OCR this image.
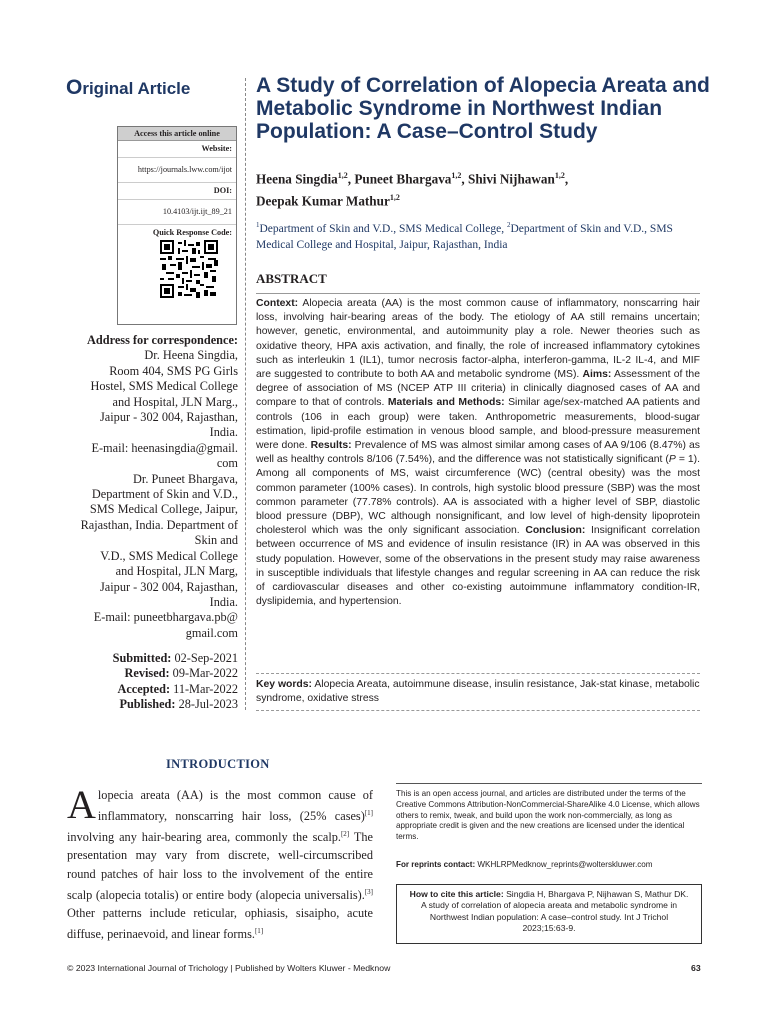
Original Article	A Study of Correlation of Alopecia Areata and Metabolic Syndrome in Northwest Indian Population: A Case–Control Study
Heena Singdia$^{1,2}$, Puneet Bhargava$^{1,2}$, Shivi Nijhawan$^{1,2}$,
Deepak Kumar Mathur$^{1,2}$
$^1$Department of Skin and V.D., SMS Medical College, $^2$Department of Skin and V.D., SMS Medical College and Hospital, Jaipur, Rajasthan, India
Access this article online
Website:
https://journals.lww.com/ijot
DOI:
10.4103/ijt.ijt_89_21
Quick Response Code:
Address for correspondence:
Dr. Heena Singdia,
Room 404, SMS PG Girls
Hostel, SMS Medical College
and Hospital, JLN Marg.,
Jaipur - 302 004, Rajasthan,
India.
E-mail: heenasingdia@gmail.
com
Dr. Puneet Bhargava,
Department of Skin and V.D.,
SMS Medical College, Jaipur,
Rajasthan, India. Department of Skin and
V.D., SMS Medical College
and Hospital, JLN Marg,
Jaipur - 302 004, Rajasthan,
India.
E-mail: puneetbhargava.pb@
gmail.com
Submitted: 02-Sep-2021
Revised: 09-Mar-2022
Accepted: 11-Mar-2022
Published: 28-Jul-2023
ABSTRACT
Context: Alopecia areata (AA) is the most common cause of inflammatory, nonscarring hair loss, involving hair-bearing areas of the body. The etiology of AA still remains uncertain; however, genetic, environmental, and autoimmunity play a role. Newer theories such as oxidative theory, HPA axis activation, and finally, the role of increased inflammatory cytokines such as interleukin 1 (IL1), tumor necrosis factor-alpha, interferon-gamma, IL-2 IL-4, and MIF are suggested to contribute to both AA and metabolic syndrome (MS). Aims: Assessment of the degree of association of MS (NCEP ATP III criteria) in clinically diagnosed cases of AA and compare to that of controls. Materials and Methods: Similar age/sex-matched AA patients and controls (106 in each group) were taken. Anthropometric measurements, blood-sugar estimation, lipid-profile estimation in venous blood sample, and blood-pressure measurement were done. Results: Prevalence of MS was almost similar among cases of AA 9/106 (8.47%) as well as healthy controls 8/106 (7.54%), and the difference was not statistically significant (P = 1). Among all components of MS, waist circumference (WC) (central obesity) was the most common parameter (100% cases). In controls, high systolic blood pressure (SBP) was the most common parameter (77.78% controls). AA is associated with a higher level of SBP, diastolic blood pressure (DBP), WC although nonsignificant, and low level of high-density lipoprotein cholesterol which was the only significant association. Conclusion: Insignificant correlation between occurrence of MS and evidence of insulin resistance (IR) in AA was observed in this study population. However, some of the observations in the present study may raise awareness in susceptible individuals that lifestyle changes and regular screening in AA can reduce the risk of cardiovascular diseases and other co-existing autoimmune inflammatory condition-IR, dyslipidemia, and hypertension.
Key words: Alopecia Areata, autoimmune disease, insulin resistance, Jak-stat kinase, metabolic syndrome, oxidative stress
INTRODUCTION
Alopecia areata (AA) is the most common cause of inflammatory, nonscarring hair loss, (25% cases)[1] involving any hair-bearing area, commonly the scalp.[2] The presentation may vary from discrete, well-circumscribed round patches of hair loss to the involvement of the entire scalp (alopecia totalis) or entire body (alopecia universalis).[3] Other patterns include reticular, ophiasis, sisaipho, acute diffuse, perinaevoid, and linear forms.[1]
This is an open access journal, and articles are distributed under the terms of the Creative Commons Attribution-NonCommercial-ShareAlike 4.0 License, which allows others to remix, tweak, and build upon the work non-commercially, as long as appropriate credit is given and the new creations are licensed under the identical terms.
For reprints contact: WKHLRPMedknow_reprints@wolterskluwer.com
How to cite this article: Singdia H, Bhargava P, Nijhawan S, Mathur DK. A study of correlation of alopecia areata and metabolic syndrome in Northwest Indian population: A case–control study. Int J Trichol 2023;15:63-9.
© 2023 International Journal of Trichology | Published by Wolters Kluwer - Medknow	63
